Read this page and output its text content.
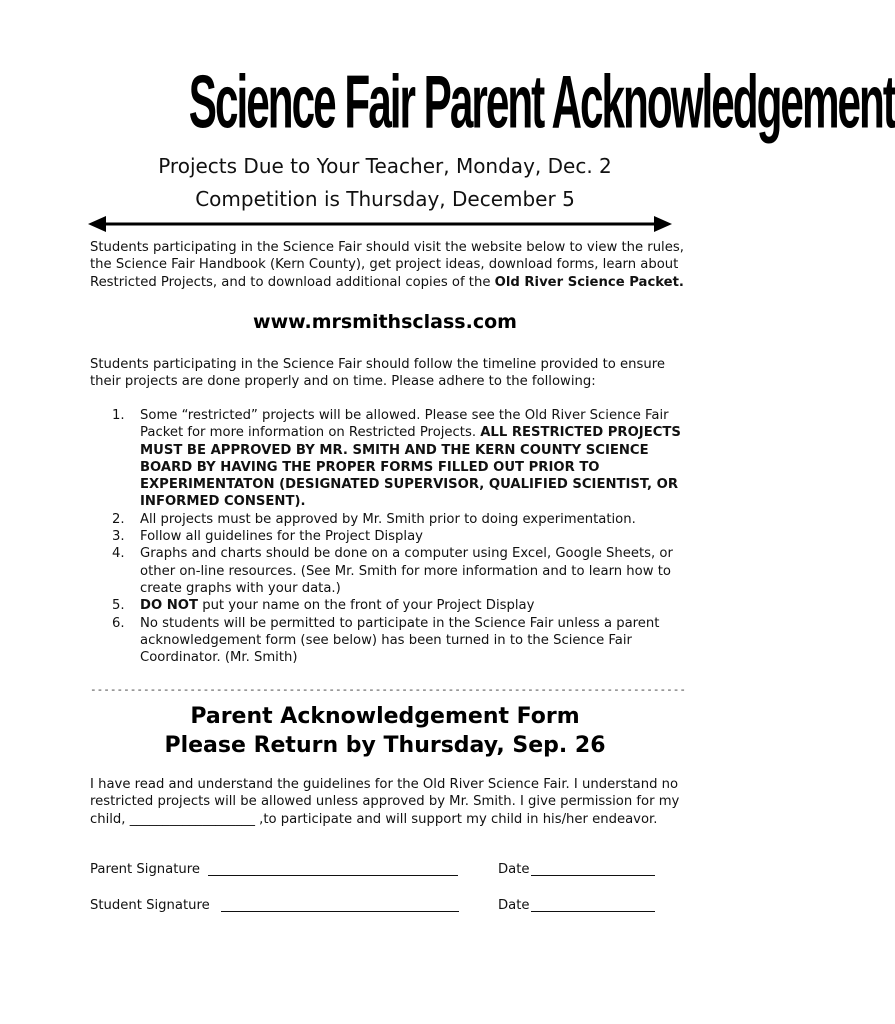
Science Fair Parent Acknowledgement
Projects Due to Your Teacher, Monday, Dec. 2
Competition is Thursday, December 5
Students participating in the Science Fair should visit the website below to view the rules, the Science Fair Handbook (Kern County), get project ideas, download forms, learn about Restricted Projects, and to download additional copies of the Old River Science Packet.
www.mrsmithsclass.com
Students participating in the Science Fair should follow the timeline provided to ensure their projects are done properly and on time. Please adhere to the following:
1. Some “restricted” projects will be allowed. Please see the Old River Science Fair Packet for more information on Restricted Projects. ALL RESTRICTED PROJECTS MUST BE APPROVED BY MR. SMITH AND THE KERN COUNTY SCIENCE BOARD BY HAVING THE PROPER FORMS FILLED OUT PRIOR TO EXPERIMENTATON (DESIGNATED SUPERVISOR, QUALIFIED SCIENTIST, OR INFORMED CONSENT).
2. All projects must be approved by Mr. Smith prior to doing experimentation.
3. Follow all guidelines for the Project Display
4. Graphs and charts should be done on a computer using Excel, Google Sheets, or other on-line resources. (See Mr. Smith for more information and to learn how to create graphs with your data.)
5. DO NOT put your name on the front of your Project Display
6. No students will be permitted to participate in the Science Fair unless a parent acknowledgement form (see below) has been turned in to the Science Fair Coordinator. (Mr. Smith)
------------------------------------------------------------------------------------------
Parent Acknowledgement Form
Please Return by Thursday, Sep. 26
I have read and understand the guidelines for the Old River Science Fair. I understand no restricted projects will be allowed unless approved by Mr. Smith. I give permission for my child, ___________________ ,to participate and will support my child in his/her endeavor.
Parent Signature	Date
Student Signature	Date
